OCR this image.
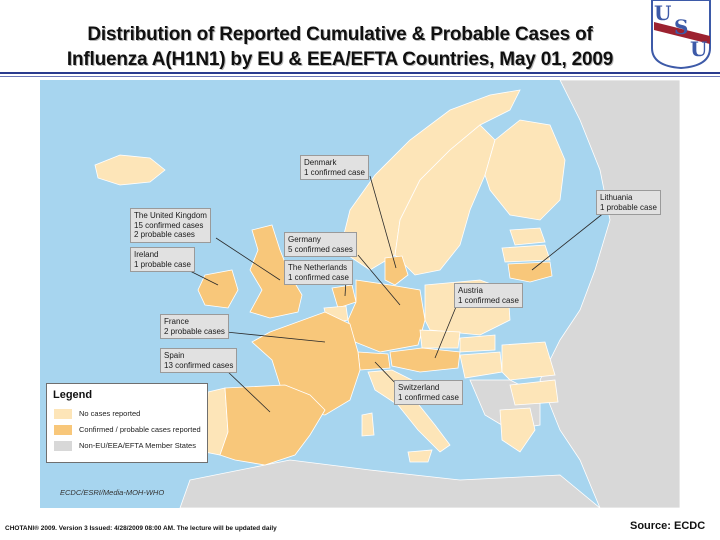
Distribution of Reported Cumulative & Probable Cases of
Influenza A(H1N1) by EU & EEA/EFTA Countries, May 01, 2009
U
S
U
Denmark
1 confirmed case
Lithuania
1 probable case
The United Kingdom
15 confirmed cases
2 probable cases
Germany
5 confirmed cases
Ireland
1 probable case	The Netherlands
1 confirmed case
Austria
1 confirmed case
France
2 probable cases
Spain
13 confirmed cases
Switzerland
1 confirmed case
Legend
No cases reported
Confirmed / probable cases reported
Non-EU/EEA/EFTA Member States
ECDC/ESRI/Media-MOH-WHO
CHOTANI® 2009. Version 3 Issued: 4/28/2009 08:00 AM. The lecture will be updated daily	Source: ECDC
